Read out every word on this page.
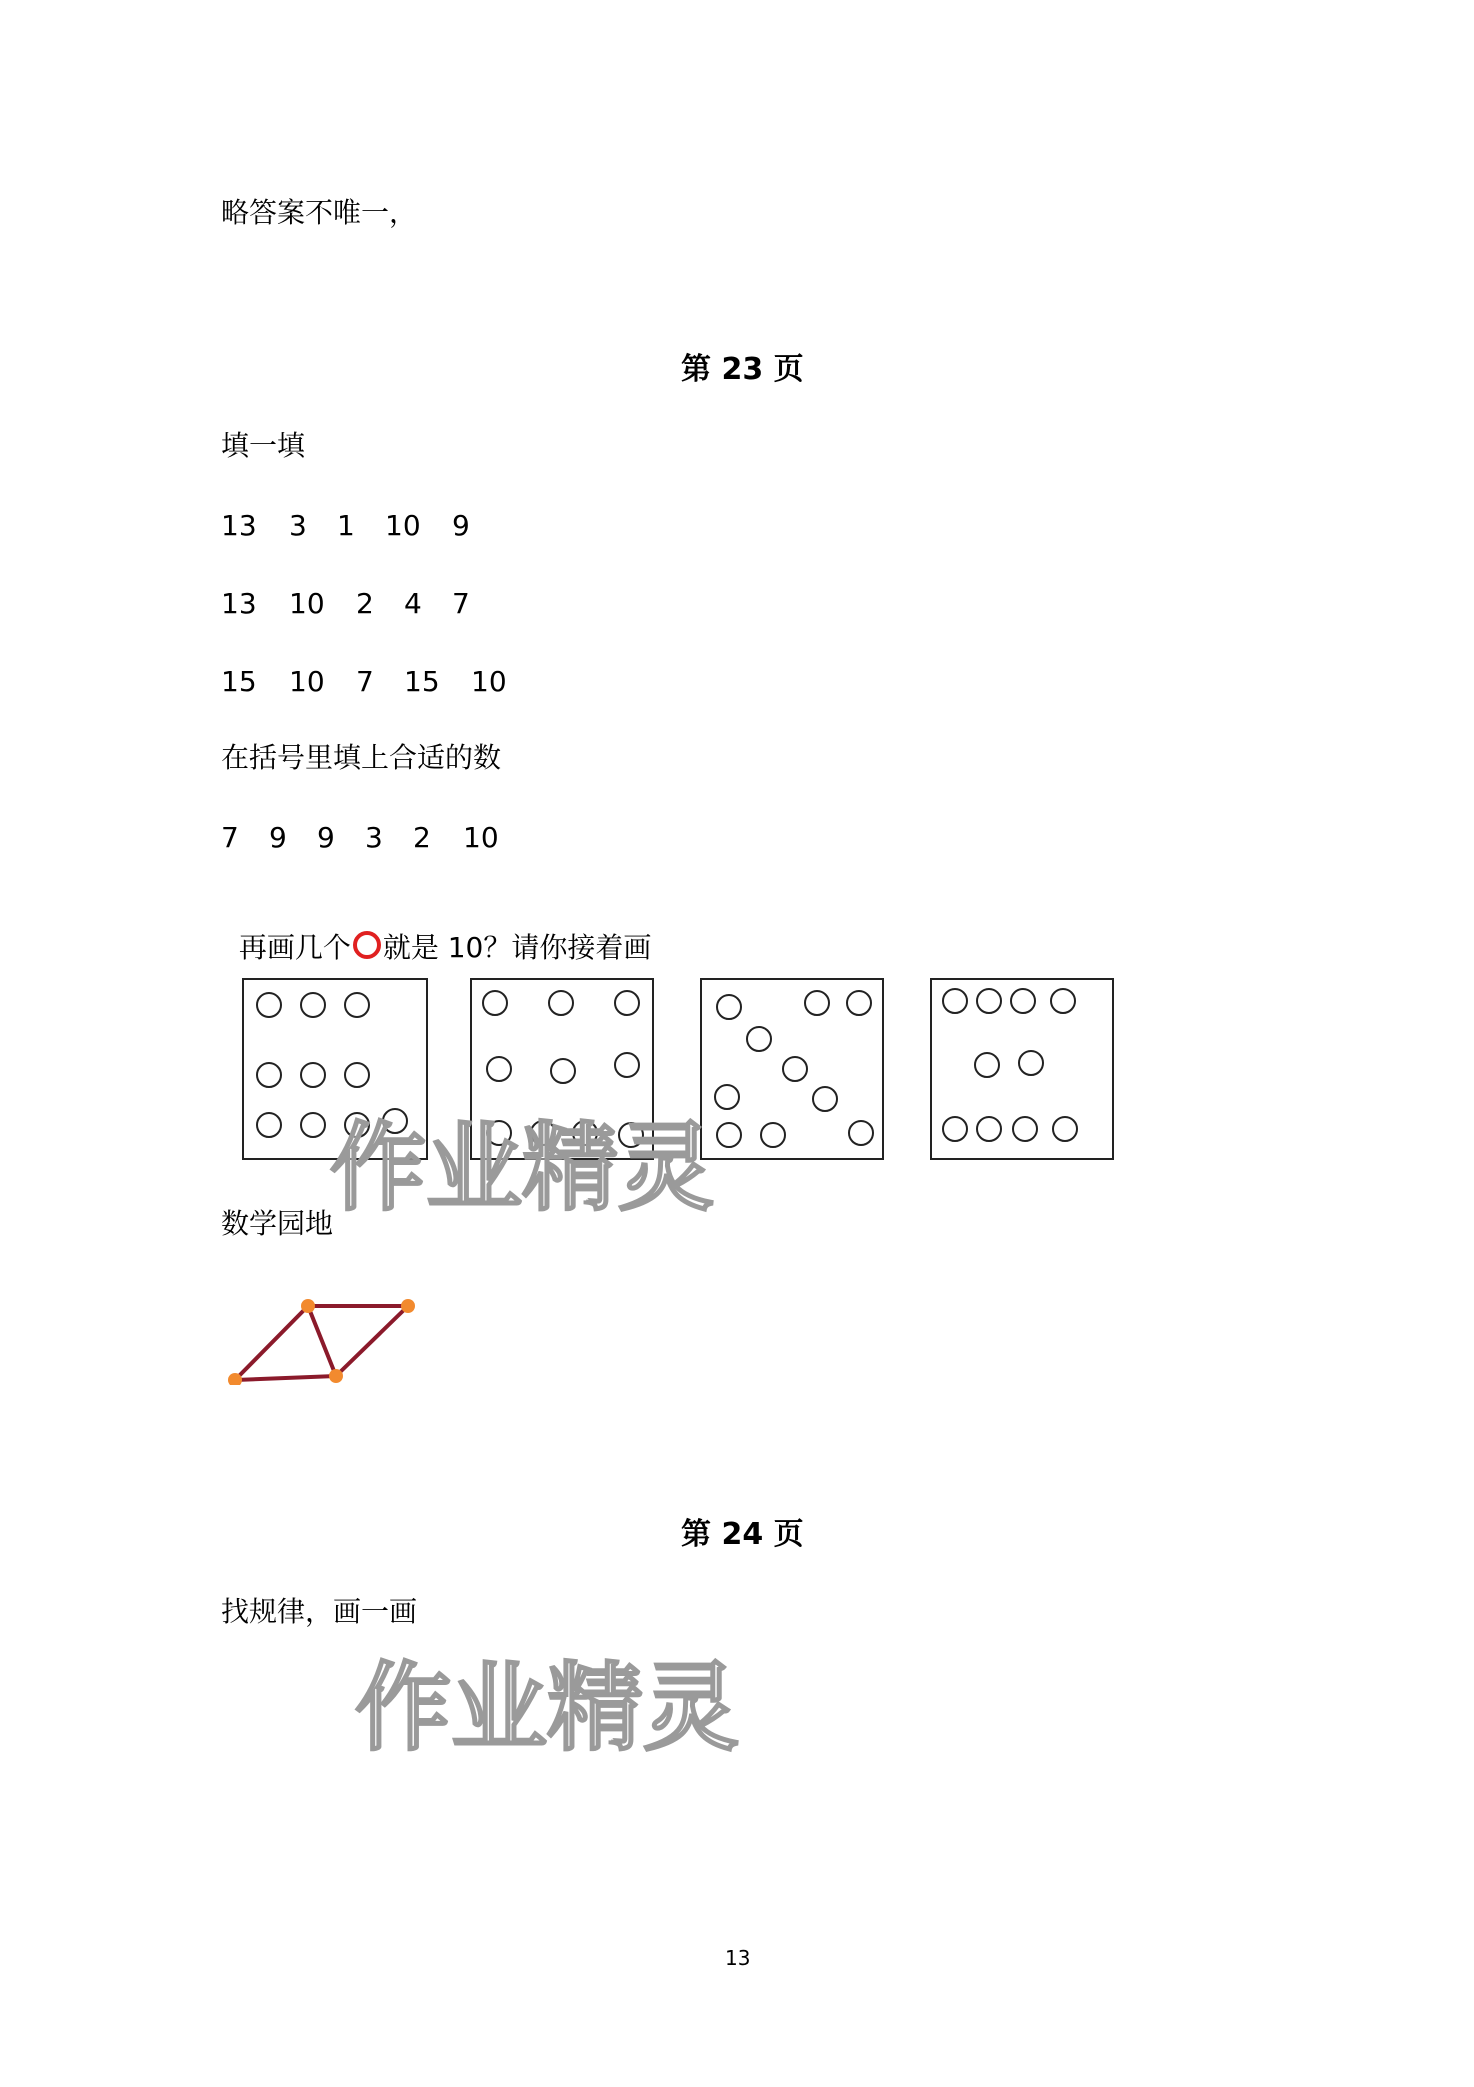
略答案不唯一，
第 23 页
填一填
13 3 1 10 9
13 10 2 4 7
15 10 7 15 10
在括号里填上合适的数
7 9 9 3 2 10

再画几个 就是 10？请你接着画

数学园地
第 24 页
找规律，画一画
作业精灵
作业精灵
13
